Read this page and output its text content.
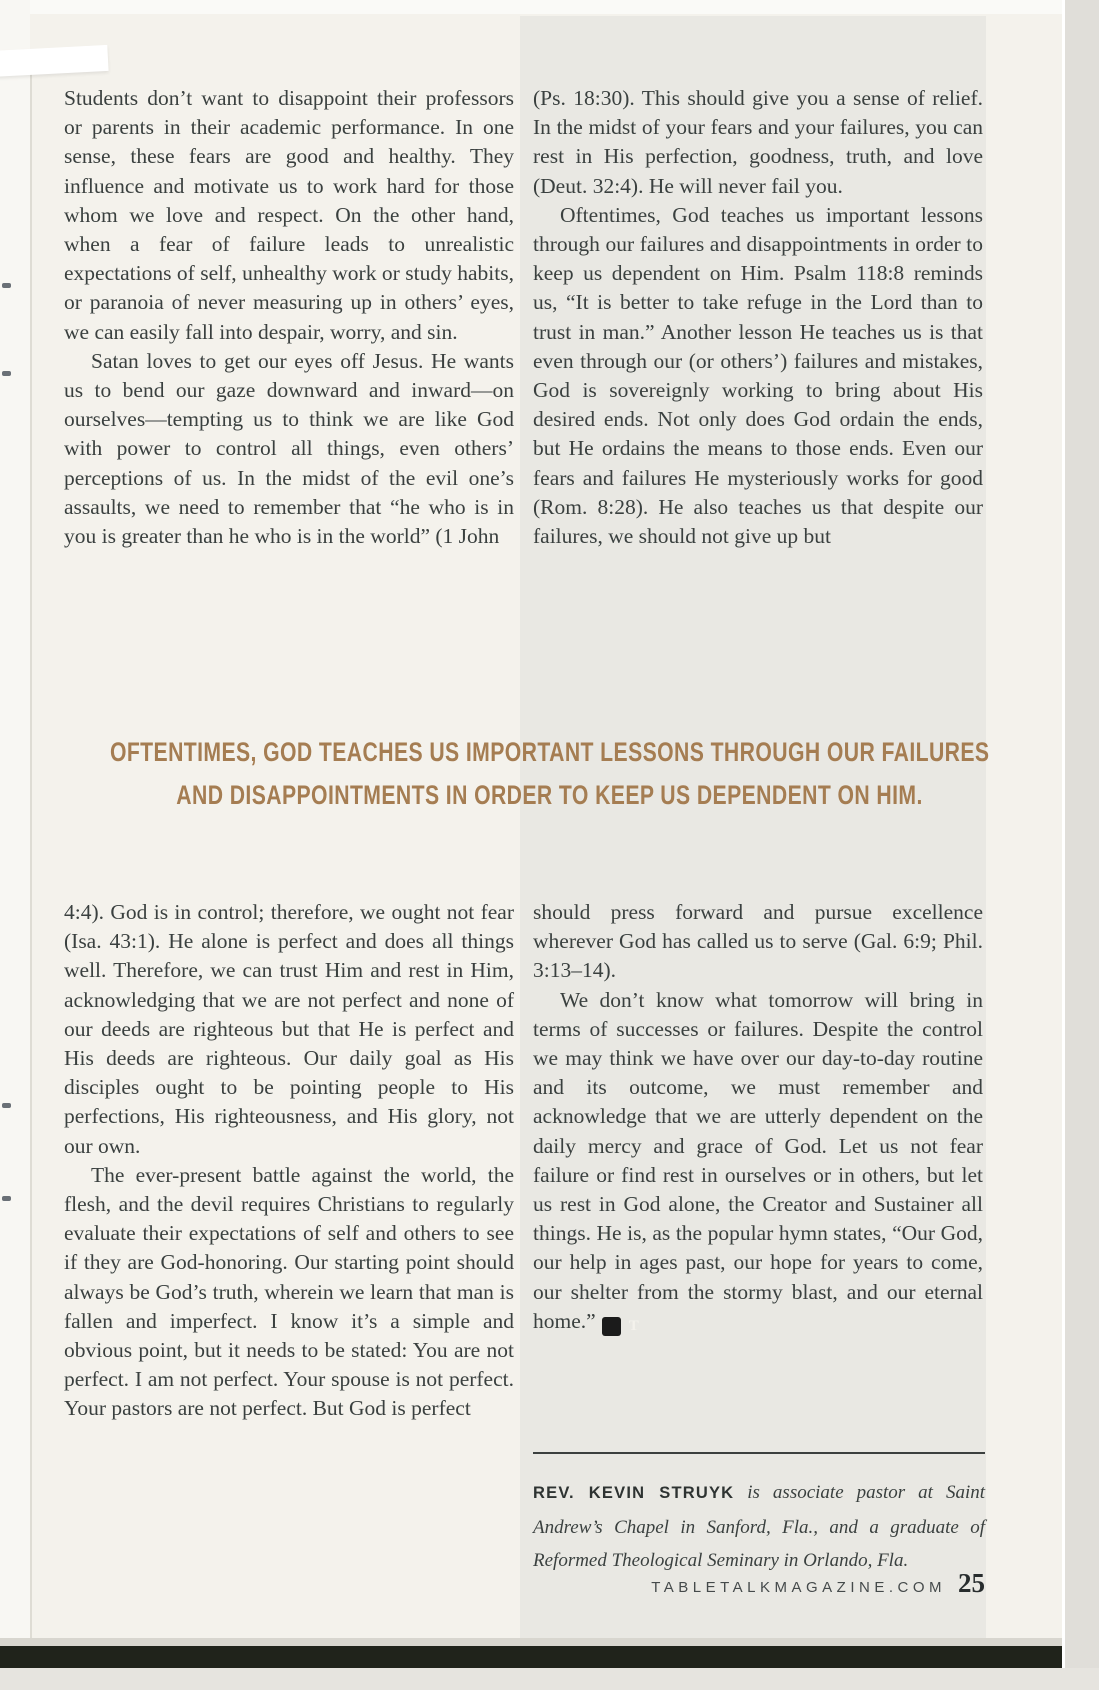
Students don’t want to disappoint their professors or parents in their academic performance. In one sense, these fears are good and healthy. They influence and motivate us to work hard for those whom we love and respect. On the other hand, when a fear of failure leads to unrealistic expectations of self, unhealthy work or study habits, or paranoia of never measuring up in others’ eyes, we can easily fall into despair, worry, and sin.

Satan loves to get our eyes off Jesus. He wants us to bend our gaze downward and inward—on ourselves—tempting us to think we are like God with power to control all things, even others’ perceptions of us. In the midst of the evil one’s assaults, we need to remember that “he who is in you is greater than he who is in the world” (1 John

(Ps. 18:30). This should give you a sense of relief. In the midst of your fears and your failures, you can rest in His perfection, goodness, truth, and love (Deut. 32:4). He will never fail you.

Oftentimes, God teaches us important lessons through our failures and disappointments in order to keep us dependent on Him. Psalm 118:8 reminds us, “It is better to take refuge in the Lord than to trust in man.” Another lesson He teaches us is that even through our (or others’) failures and mistakes, God is sovereignly working to bring about His desired ends. Not only does God ordain the ends, but He ordains the means to those ends. Even our fears and failures He mysteriously works for good (Rom. 8:28). He also teaches us that despite our failures, we should not give up but

OFTENTIMES, GOD TEACHES US IMPORTANT LESSONS THROUGH OUR FAILURES
AND DISAPPOINTMENTS IN ORDER TO KEEP US DEPENDENT ON HIM.

4:4). God is in control; therefore, we ought not fear (Isa. 43:1). He alone is perfect and does all things well. Therefore, we can trust Him and rest in Him, acknowledging that we are not perfect and none of our deeds are righteous but that He is perfect and His deeds are righteous. Our daily goal as His disciples ought to be pointing people to His perfections, His righteousness, and His glory, not our own.

The ever-present battle against the world, the flesh, and the devil requires Christians to regularly evaluate their expectations of self and others to see if they are God-honoring. Our starting point should always be God’s truth, wherein we learn that man is fallen and imperfect. I know it’s a simple and obvious point, but it needs to be stated: You are not perfect. I am not perfect. Your spouse is not perfect. Your pastors are not perfect. But God is perfect

should press forward and pursue excellence wherever God has called us to serve (Gal. 6:9; Phil. 3:13–14).

We don’t know what tomorrow will bring in terms of successes or failures. Despite the control we may think we have over our day-to-day routine and its outcome, we must remember and acknowledge that we are utterly dependent on the daily mercy and grace of God. Let us not fear failure or find rest in ourselves or in others, but let us rest in God alone, the Creator and Sustainer all things. He is, as the popular hymn states, “Our God, our help in ages past, our hope for years to come, our shelter from the stormy blast, and our eternal home.” T

REV. KEVIN STRUYK is associate pastor at Saint Andrew’s Chapel in Sanford, Fla., and a graduate of Reformed Theological Seminary in Orlando, Fla.
TABLETALKMAGAZINE.COM 25
